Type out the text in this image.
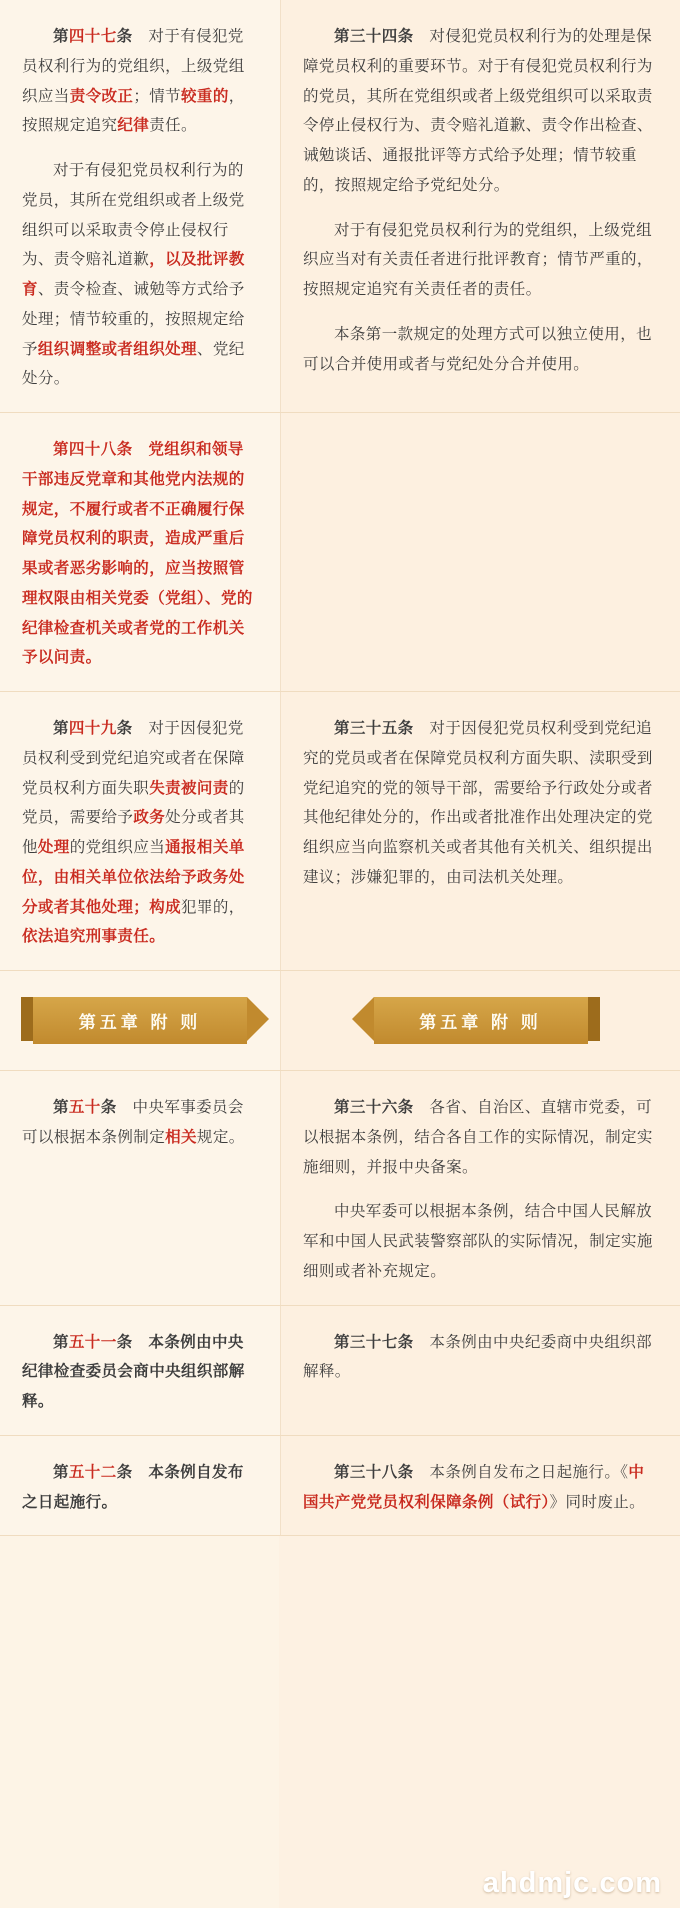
第四十七条　对于有侵犯党员权利行为的党组织，上级党组织应当责令改正；情节较重的，按照规定追究纪律责任。

对于有侵犯党员权利行为的党员，其所在党组织或者上级党组织可以采取责令停止侵权行为、责令赔礼道歉，以及批评教育、责令检查、诫勉等方式给予处理；情节较重的，按照规定给予组织调整或者组织处理、党纪处分。

第三十四条　对侵犯党员权利行为的处理是保障党员权利的重要环节。对于有侵犯党员权利行为的党员，其所在党组织或者上级党组织可以采取责令停止侵权行为、责令赔礼道歉、责令作出检查、诫勉谈话、通报批评等方式给予处理；情节较重的，按照规定给予党纪处分。

对于有侵犯党员权利行为的党组织，上级党组织应当对有关责任者进行批评教育；情节严重的，按照规定追究有关责任者的责任。

本条第一款规定的处理方式可以独立使用，也可以合并使用或者与党纪处分合并使用。

第四十八条　党组织和领导干部违反党章和其他党内法规的规定，不履行或者不正确履行保障党员权利的职责，造成严重后果或者恶劣影响的，应当按照管理权限由相关党委（党组）、党的纪律检查机关或者党的工作机关予以问责。

第四十九条　对于因侵犯党员权利受到党纪追究或者在保障党员权利方面失职失责被问责的党员，需要给予政务处分或者其他处理的党组织应当通报相关单位，由相关单位依法给予政务处分或者其他处理；构成犯罪的，依法追究刑事责任。

第三十五条　对于因侵犯党员权利受到党纪追究的党员或者在保障党员权利方面失职、渎职受到党纪追究的党的领导干部，需要给予行政处分或者其他纪律处分的，作出或者批准作出处理决定的党组织应当向监察机关或者其他有关机关、组织提出建议；涉嫌犯罪的，由司法机关处理。

第五章 附 则	第五章 附 则

第五十条　中央军事委员会可以根据本条例制定相关规定。

第三十六条　各省、自治区、直辖市党委，可以根据本条例，结合各自工作的实际情况，制定实施细则，并报中央备案。

中央军委可以根据本条例，结合中国人民解放军和中国人民武装警察部队的实际情况，制定实施细则或者补充规定。

第五十一条　本条例由中央纪律检查委员会商中央组织部解释。

第三十七条　本条例由中央纪委商中央组织部解释。

第五十二条　本条例自发布之日起施行。

第三十八条　本条例自发布之日起施行。《中国共产党党员权利保障条例（试行）》同时废止。

ahdmjc.com
